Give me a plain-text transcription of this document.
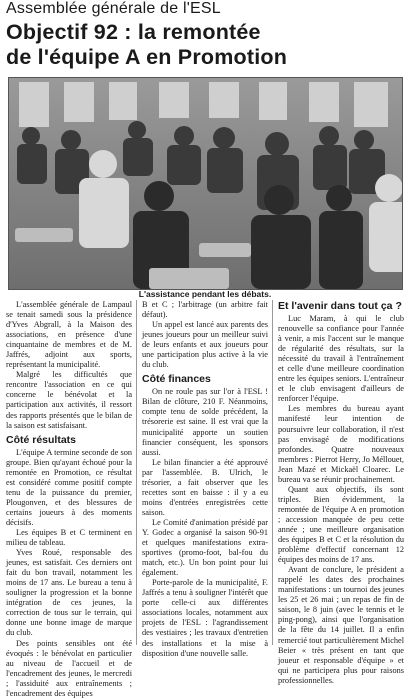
Assemblée générale de l'ESL
Objectif 92 : la remontée
de l'équipe A en Promotion
L'assistance pendant les débats.

L'assemblée générale de Lampaul se tenait samedi sous la présidence d'Yves Abgrall, à la Maison des associations, en présence d'une cinquantaine de membres et de M. Jaffrés, adjoint aux sports, représentant la municipalité.

Malgré les difficultés que rencontre l'association en ce qui concerne le bénévolat et la participation aux activités, il ressort des rapports présentés que le bilan de la saison est satisfaisant.

Côté résultats

L'équipe A termine seconde de son groupe. Bien qu'ayant échoué pour la remontée en Promotion, ce résultat est considéré comme positif compte tenu de la puissance du premier, Plougonven, et des blessures de certains joueurs à des moments décisifs.

Les équipes B et C terminent en milieu de tableau.

Yves Roué, responsable des jeunes, est satisfait. Ces derniers ont fait du bon travail, notamment les moins de 17 ans. Le bureau a tenu à souligner la progression et la bonne intégration de ces jeunes, la correction de tous sur le terrain, qui donne une bonne image de marque du club.

Des points sensibles ont été évoqués : le bénévolat en particulier au niveau de l'accueil et de l'encadrement des jeunes, le mercredi ; l'assiduité aux entraînements ; l'encadrement des équipes

B et C ; l'arbitrage (un arbitre fait défaut).

Un appel est lancé aux parents des jeunes joueurs pour un meilleur suivi de leurs enfants et aux joueurs pour une participation plus active à la vie du club.

Côté finances

On ne roule pas sur l'or à l'ESL ! Bilan de clôture, 210 F. Néanmoins, compte tenu de solde précédent, la trésorerie est saine. Il est vrai que la municipalité apporte un soutien financier conséquent, les sponsors aussi.

Le bilan financier a été approuvé par l'assemblée. B. Ulrich, le trésorier, a fait observer que les recettes sont en baisse : il y a eu moins d'entrées enregistrées cette saison.

Le Comité d'animation présidé par Y. Godec a organisé la saison 90-91 et quelques manifestations extra-sportives (promo-foot, bal-fou du match, etc.). Un bon point pour lui également.

Porte-parole de la municipalité, F. Jaffrés a tenu à souligner l'intérêt que porte celle-ci aux différentes associations locales, notamment aux projets de l'ESL : l'agrandissement des vestiaires ; les travaux d'entretien des installations et la mise à disposition d'une nouvelle salle.

Et l'avenir dans tout ça ?

Luc Maram, à qui le club renouvelle sa confiance pour l'année à venir, a mis l'accent sur le manque de régularité des résultats, sur la nécessité du travail à l'entraînement et celle d'une meilleure coordination entre les équipes seniors. L'entraîneur et le club envisagent d'ailleurs de renforcer l'équipe.

Les membres du bureau ayant manifesté leur intention de poursuivre leur collaboration, il n'est pas envisagé de modifications profondes. Quatre nouveaux membres : Pierrot Herry, Jo Méllouet, Jean Mazé et Mickaël Cloarec. Le bureau va se réunir prochainement.

Quant aux objectifs, ils sont triples. Bien évidemment, la remontée de l'équipe A en promotion ; accession manquée de peu cette année ; une meilleure organisation des équipes B et C et la résolution du problème d'effectif concernant 12 équipes des moins de 17 ans.

Avant de conclure, le président a rappelé les dates des prochaines manifestations : un tournoi des jeunes les 25 et 26 mai ; un repas de fin de saison, le 8 juin (avec le tennis et le ping-pong), ainsi que l'organisation de la fête du 14 juillet. Il a enfin remercié tout particulièrement Michel Beier « très présent en tant que joueur et responsable d'équipe » et qui ne participera plus pour raisons professionnelles.
